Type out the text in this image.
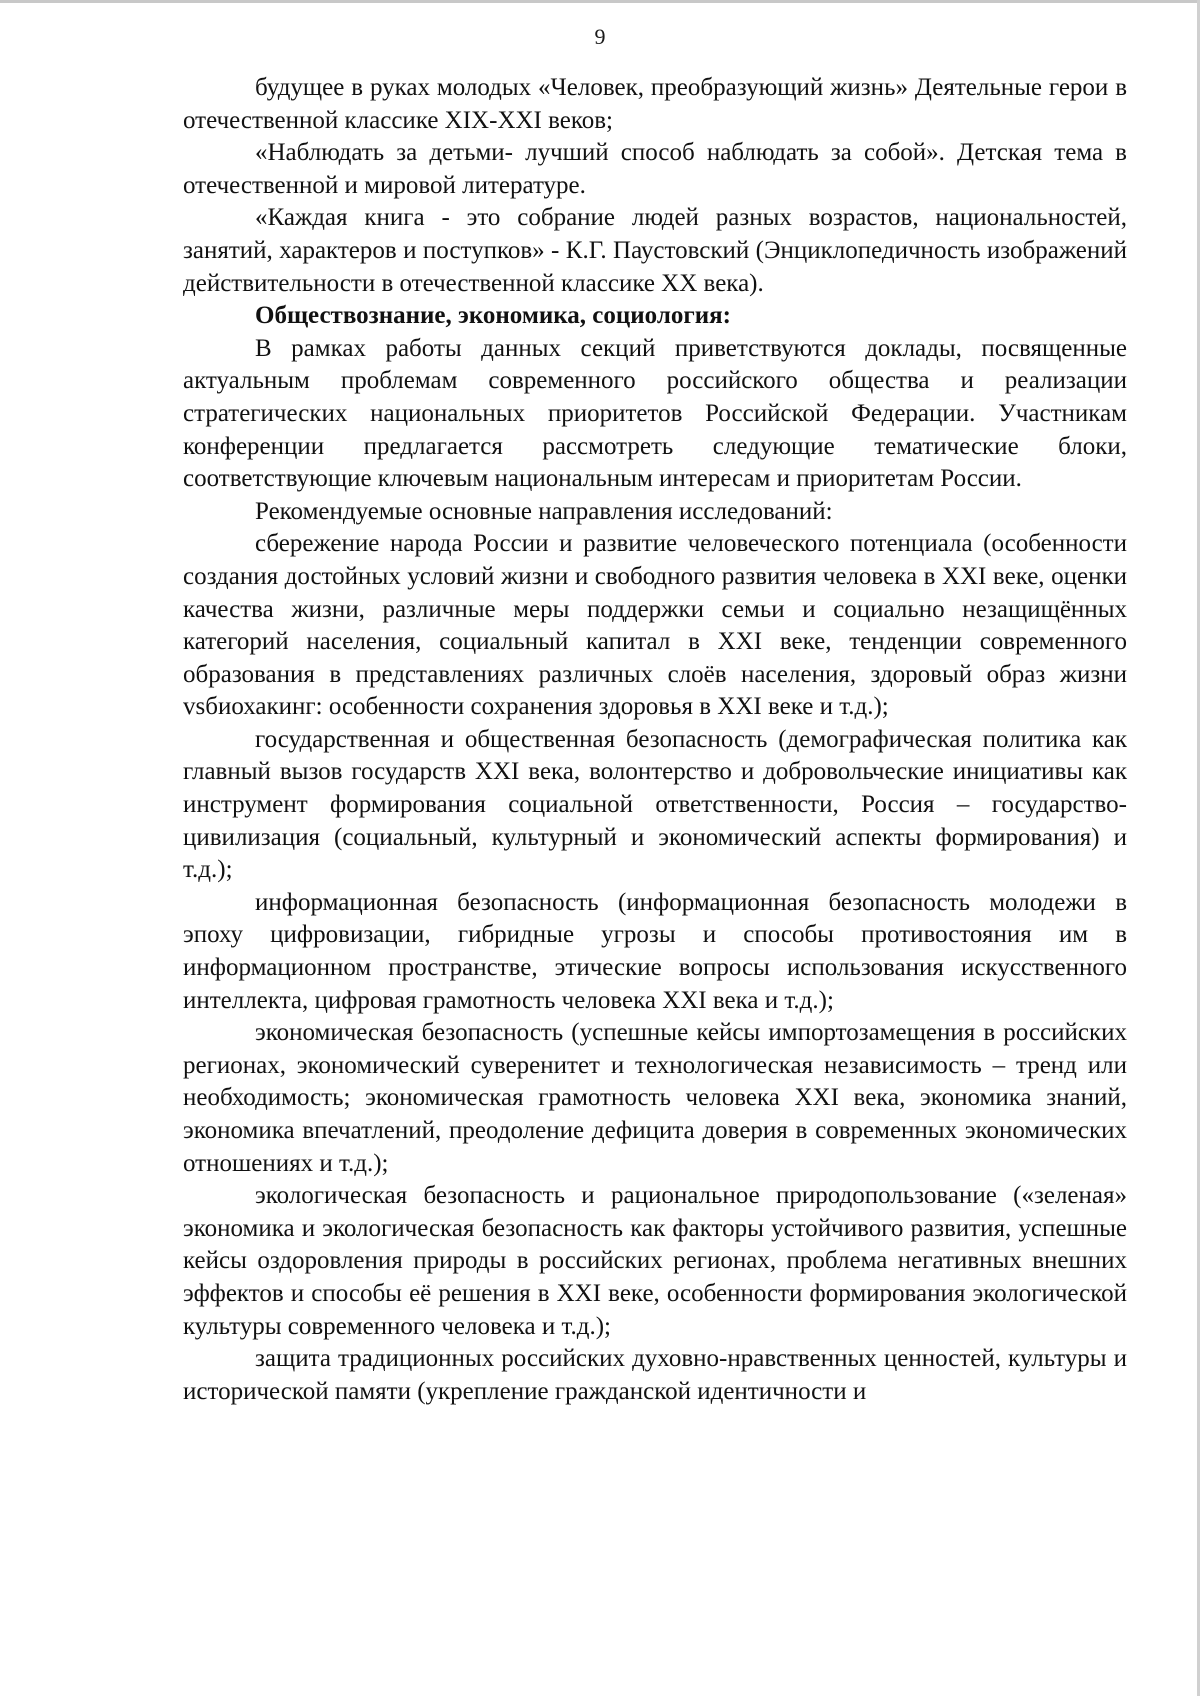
9

будущее в руках молодых «Человек, преобразующий жизнь» Деятельные герои в отечественной классике XIX-XXI веков;

«Наблюдать за детьми- лучший способ наблюдать за собой». Детская тема в отечественной и мировой литературе.

«Каждая книга - это собрание людей разных возрастов, национальностей, занятий, характеров и поступков» - К.Г. Паустовский (Энциклопедичность изображений действительности в отечественной классике XX века).

Обществознание, экономика, социология:

В рамках работы данных секций приветствуются доклады, посвященные актуальным проблемам современного российского общества и реализации стратегических национальных приоритетов Российской Федерации. Участникам конференции предлагается рассмотреть следующие тематические блоки, соответствующие ключевым национальным интересам и приоритетам России.

Рекомендуемые основные направления исследований:

сбережение народа России и развитие человеческого потенциала (особенности создания достойных условий жизни и свободного развития человека в XXI веке, оценки качества жизни, различные меры поддержки семьи и социально незащищённых категорий населения, социальный капитал в XXI веке, тенденции современного образования в представлениях различных слоёв населения, здоровый образ жизни vsбиохакинг: особенности сохранения здоровья в XXI веке и т.д.);

государственная и общественная безопасность (демографическая политика как главный вызов государств XXI века, волонтерство и добровольческие инициативы как инструмент формирования социальной ответственности, Россия – государство-цивилизация (социальный, культурный и экономический аспекты формирования) и т.д.);

информационная безопасность (информационная безопасность молодежи в эпоху цифровизации, гибридные угрозы и способы противостояния им в информационном пространстве, этические вопросы использования искусственного интеллекта, цифровая грамотность человека XXI века и т.д.);

экономическая безопасность (успешные кейсы импортозамещения в российских регионах, экономический суверенитет и технологическая независимость – тренд или необходимость; экономическая грамотность человека XXI века, экономика знаний, экономика впечатлений, преодоление дефицита доверия в современных экономических отношениях и т.д.);

экологическая безопасность и рациональное природопользование («зеленая» экономика и экологическая безопасность как факторы устойчивого развития, успешные кейсы оздоровления природы в российских регионах, проблема негативных внешних эффектов и способы её решения в XXI веке, особенности формирования экологической культуры современного человека и т.д.);

защита традиционных российских духовно-нравственных ценностей, культуры и исторической памяти (укрепление гражданской идентичности и
